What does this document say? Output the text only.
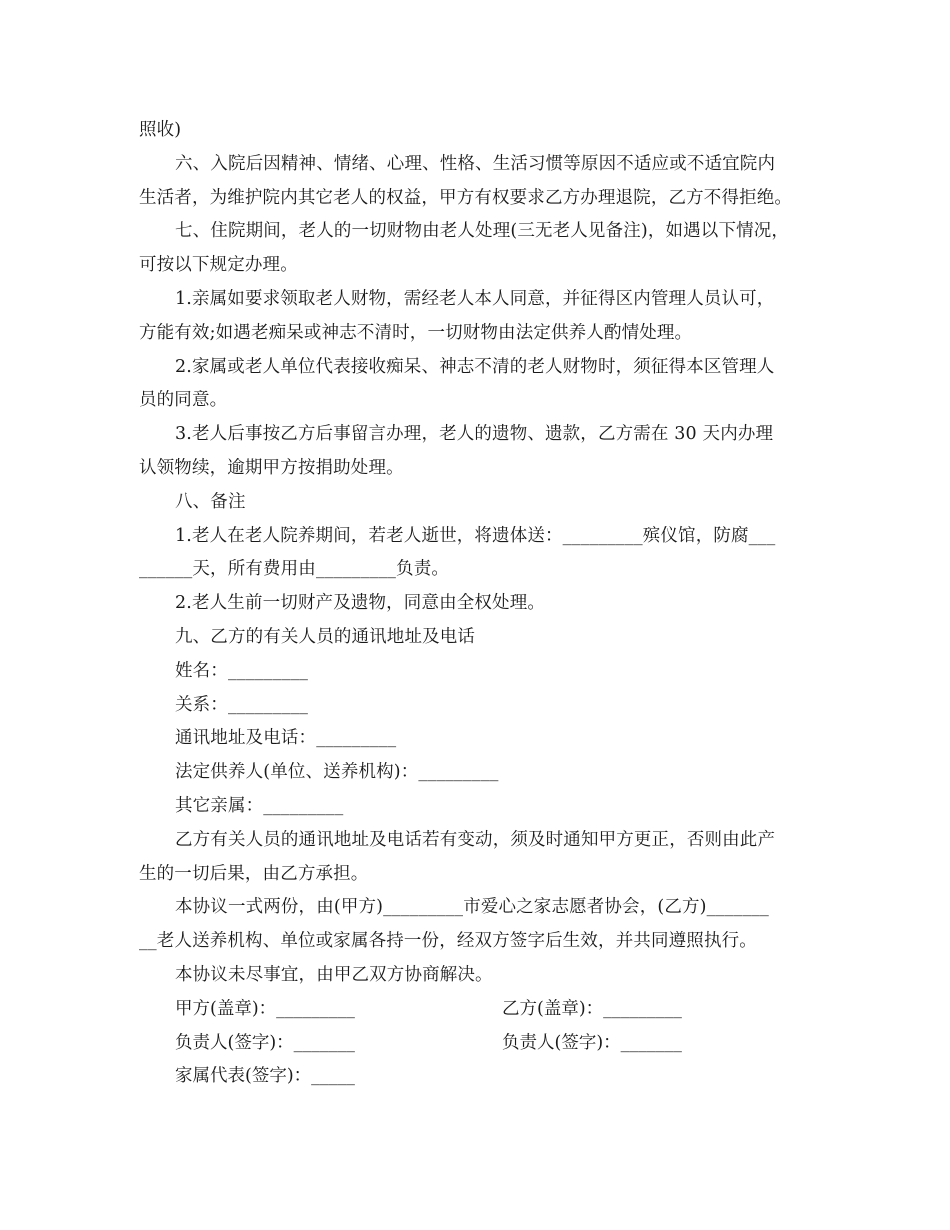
照收)
六、入院后因精神、情绪、心理、性格、生活习惯等原因不适应或不适宜院内
生活者，为维护院内其它老人的权益，甲方有权要求乙方办理退院，乙方不得拒绝。
七、住院期间，老人的一切财物由老人处理(三无老人见备注)，如遇以下情况，
可按以下规定办理。
1.亲属如要求领取老人财物，需经老人本人同意，并征得区内管理人员认可，
方能有效;如遇老痴呆或神志不清时，一切财物由法定供养人酌情处理。
2.家属或老人单位代表接收痴呆、神志不清的老人财物时，须征得本区管理人
员的同意。
3.老人后事按乙方后事留言办理，老人的遗物、遗款，乙方需在 30 天内办理
认领物续，逾期甲方按捐助处理。
八、备注
1.老人在老人院养期间，若老人逝世，将遗体送：_________殡仪馆，防腐___
______天，所有费用由_________负责。
2.老人生前一切财产及遗物，同意由全权处理。
九、乙方的有关人员的通讯地址及电话
姓名：_________
关系：_________
通讯地址及电话：_________
法定供养人(单位、送养机构)：_________
其它亲属：_________
乙方有关人员的通讯地址及电话若有变动，须及时通知甲方更正，否则由此产
生的一切后果，由乙方承担。
本协议一式两份，由(甲方)_________市爱心之家志愿者协会，(乙方)_______
__老人送养机构、单位或家属各持一份，经双方签字后生效，并共同遵照执行。
本协议未尽事宜，由甲乙双方协商解决。
甲方(盖章)：_________	乙方(盖章)：_________
负责人(签字)：_______	负责人(签字)：_______
家属代表(签字)：_____
